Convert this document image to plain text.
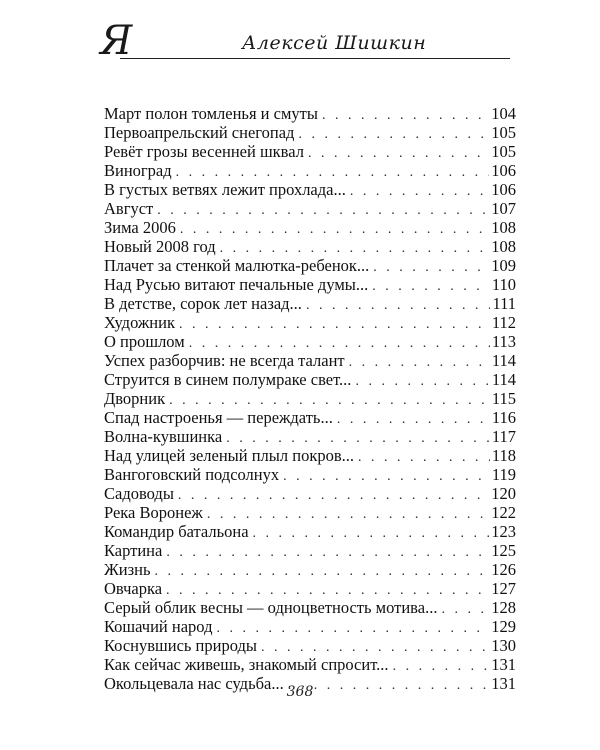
Я	Алексей Шишкин
Март полон томленья и смуты . . .	104
Первоапрельский снегопад . . .	105
Ревёт грозы весенней шквал . . .	105
Виноград . . .	106
В густых ветвях лежит прохлада... . . .	106
Август . . .	107
Зима 2006 . . .	108
Новый 2008 год . . .	108
Плачет за стенкой малютка-ребенок... . . .	109
Над Русью витают печальные думы... . . .	110
В детстве, сорок лет назад... . . .	111
Художник . . .	112
О прошлом . . .	113
Успех разборчив: не всегда талант . . .	114
Струится в синем полумраке свет... . . .	114
Дворник . . .	115
Спад настроенья — переждать... . . .	116
Волна-кувшинка . . .	117
Над улицей зеленый плыл покров... . . .	118
Вангоговский подсолнух . . .	119
Садоводы . . .	120
Река Воронеж . . .	122
Командир батальона . . .	123
Картина . . .	125
Жизнь . . .	126
Овчарка . . .	127
Серый облик весны — одноцветность мотива... . . .	128
Кошачий народ . . .	129
Коснувшись природы . . .	130
Как сейчас живешь, знакомый спросит... . . .	131
Окольцевала нас судьба... . . .	131
368
